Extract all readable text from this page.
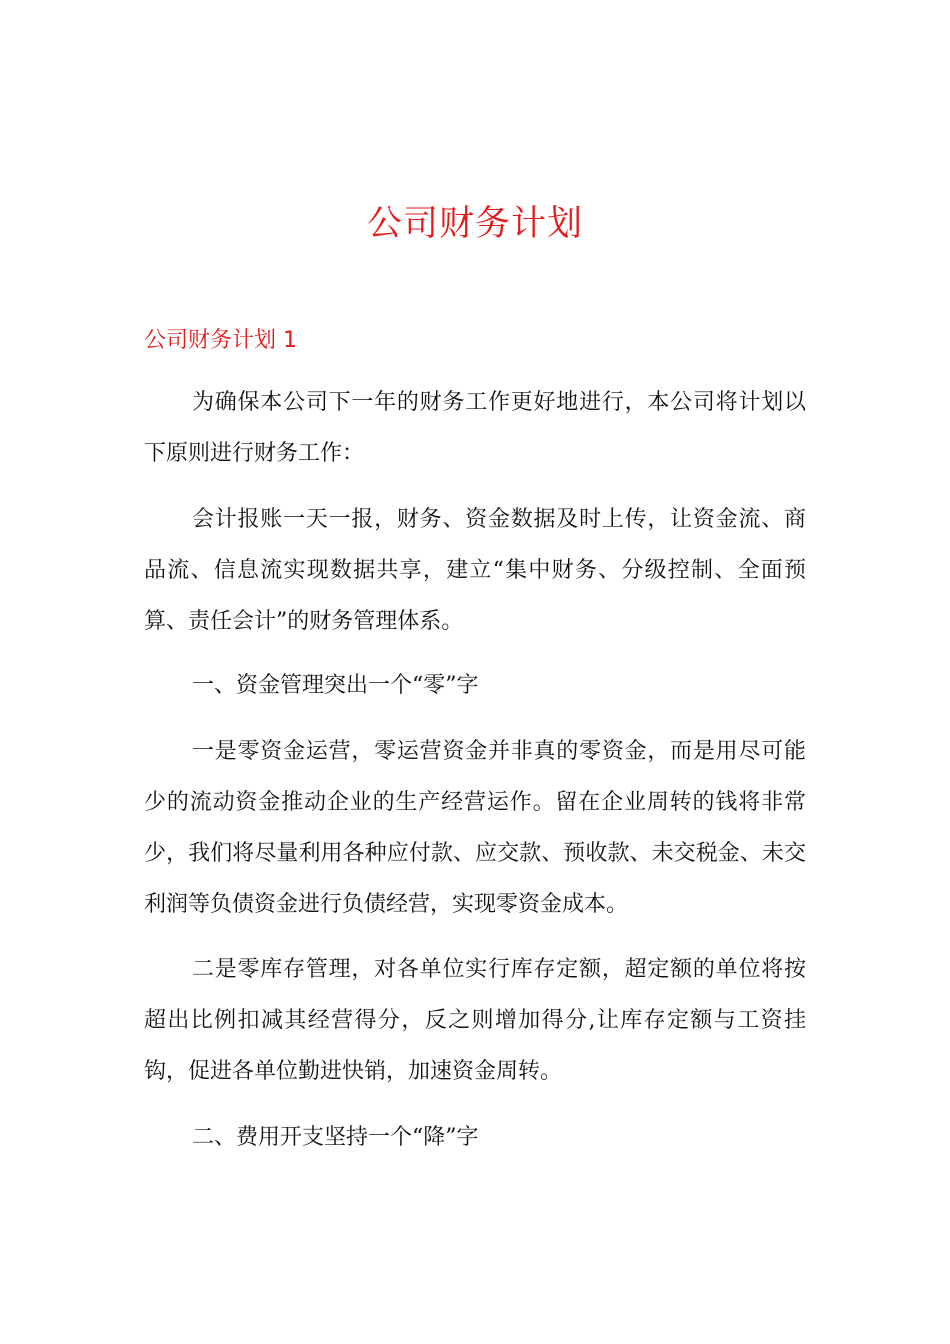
公司财务计划
公司财务计划 1

为确保本公司下一年的财务工作更好地进行，本公司将计划以下原则进行财务工作：

会计报账一天一报，财务、资金数据及时上传，让资金流、商品流、信息流实现数据共享，建立“集中财务、分级控制、全面预算、责任会计”的财务管理体系。

一、资金管理突出一个“零”字

一是零资金运营，零运营资金并非真的零资金，而是用尽可能少的流动资金推动企业的生产经营运作。留在企业周转的钱将非常少，我们将尽量利用各种应付款、应交款、预收款、未交税金、未交利润等负债资金进行负债经营，实现零资金成本。

二是零库存管理，对各单位实行库存定额，超定额的单位将按超出比例扣减其经营得分，反之则增加得分,让库存定额与工资挂钩，促进各单位勤进快销，加速资金周转。

二、费用开支坚持一个“降”字
